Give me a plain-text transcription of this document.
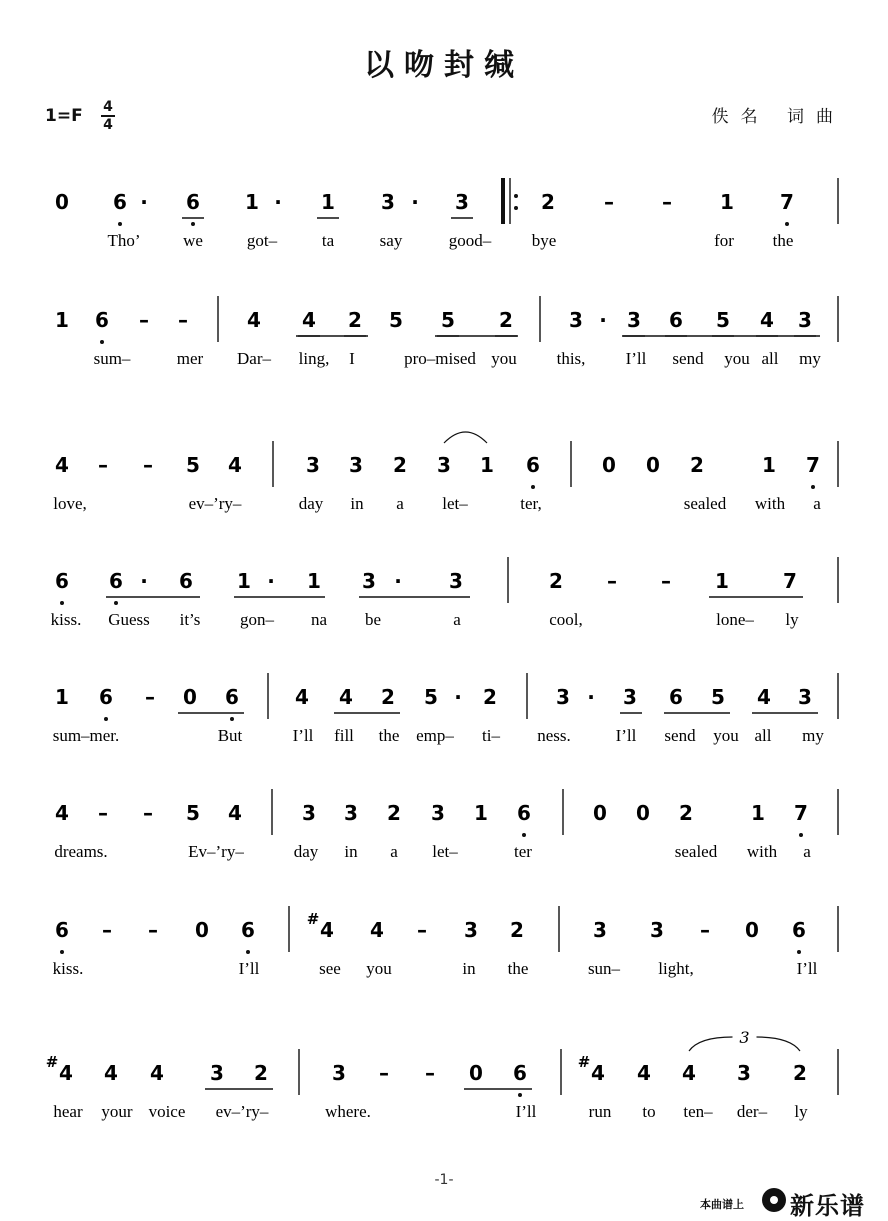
以吻封缄
1=F 4
4	佚名 词曲
0 6 · 6 1 · 1 3 · 3	2 – – 1 7
Tho’	we	got–	ta	say	good– bye	for the
1 6 – –	4 4 2 5 5 2	3 · 3 6 5 4 3
sum–	mer Dar– ling, I	pro–mised you this, I’ll send you all my
4 – – 5 4	3 3 2 3 1 6	0 0 2	1 7
love,	ev–’ry–	day in a let–	ter,	sealed with a
6 6 · 6 1 · 1 3 · 3	2 – – 1	7
kiss. Guess it’s gon– na be	a	cool,	lone– ly
1 6 – 0 6	4 4 2 5 · 2	3 · 3 6 5 4 3
sum–mer.	But	I’ll fill the emp– ti– ness.	I’ll send you all my
4 – – 5 4	3 3 2 3 1 6	0 0 2	1 7
dreams.	Ev–’ry–	day in a let–	ter	sealed with a
6 – – 0 6	# 4 4 – 3 2	3 3 – 0 6
kiss.	I’ll	see you	in the	sun– light,	I’ll
# 4 4 4 3 2	3 – – 0 6	# 4 4 4 3 2
3
hear your voice ev–’ry–	where.	I’ll	run to ten– der– ly
-1-
本曲谱上 新乐谱
